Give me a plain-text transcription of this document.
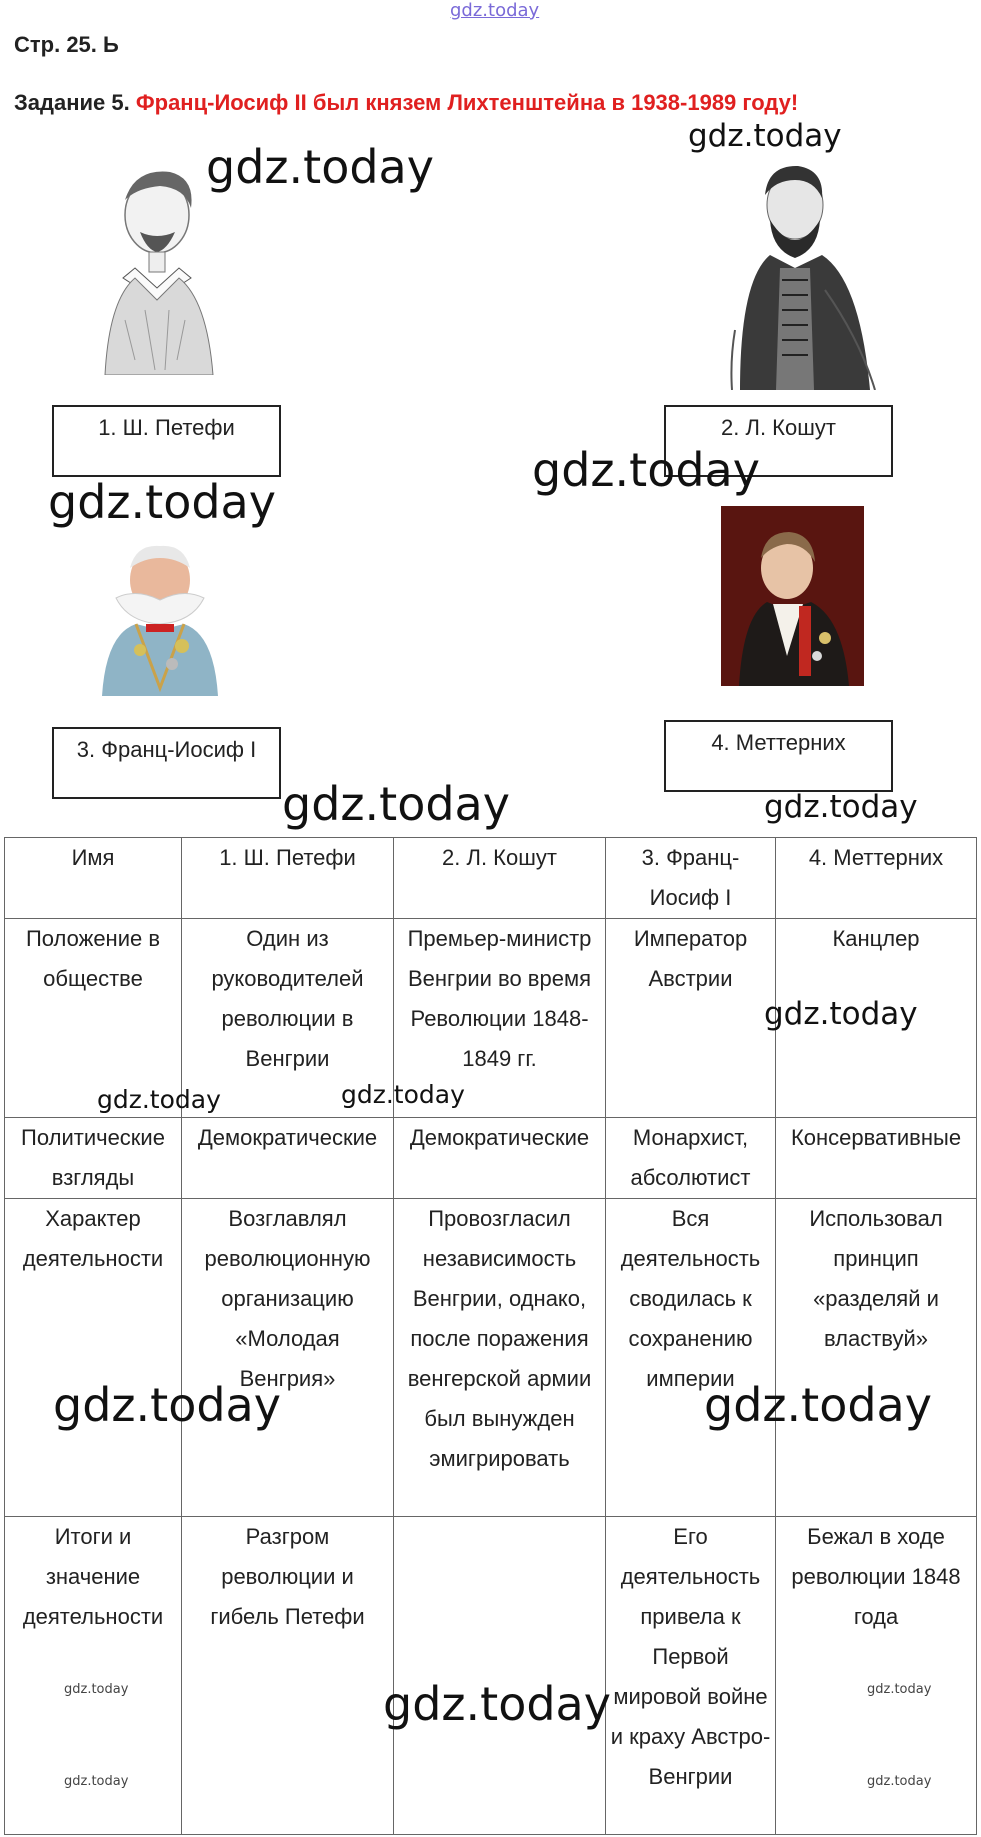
gdz.today
Стр. 25. Ь
Задание 5. Франц-Иосиф II был князем Лихтенштейна в 1938-1989 году!
1. Ш. Петефи	2. Л. Кошут
3. Франц-Иосиф I	4. Меттерних
Имя	1. Ш. Петефи	2. Л. Кошут	3. Франц-Иосиф I	4. Меттерних
Положение в обществе	Один из руководителей революции в Венгрии	Премьер-министр Венгрии во время Революции 1848-1849 гг.	Император Австрии	Канцлер
Политические взгляды	Демократические	Демократические	Монархист, абсолютист	Консервативные
Характер деятельности	Возглавлял революционную организацию «Молодая Венгрия»	Провозгласил независимость Венгрии, однако, после поражения венгерской армии был вынужден эмигрировать	Вся деятельность сводилась к сохранению империи	Использовал принцип «разделяй и властвуй»
Итоги и значение деятельности	Разгром революции и гибель Петефи		Его деятельность привела к Первой мировой войне и краху Австро-Венгрии	Бежал в ходе революции 1848 года
gdz.today
gdz.today
gdz.today
gdz.today
gdz.today	gdz.today
gdz.today
gdz.today	gdz.today
gdz.today	gdz.today
gdz.today
gdz.today	gdz.today
gdz.today	gdz.today
